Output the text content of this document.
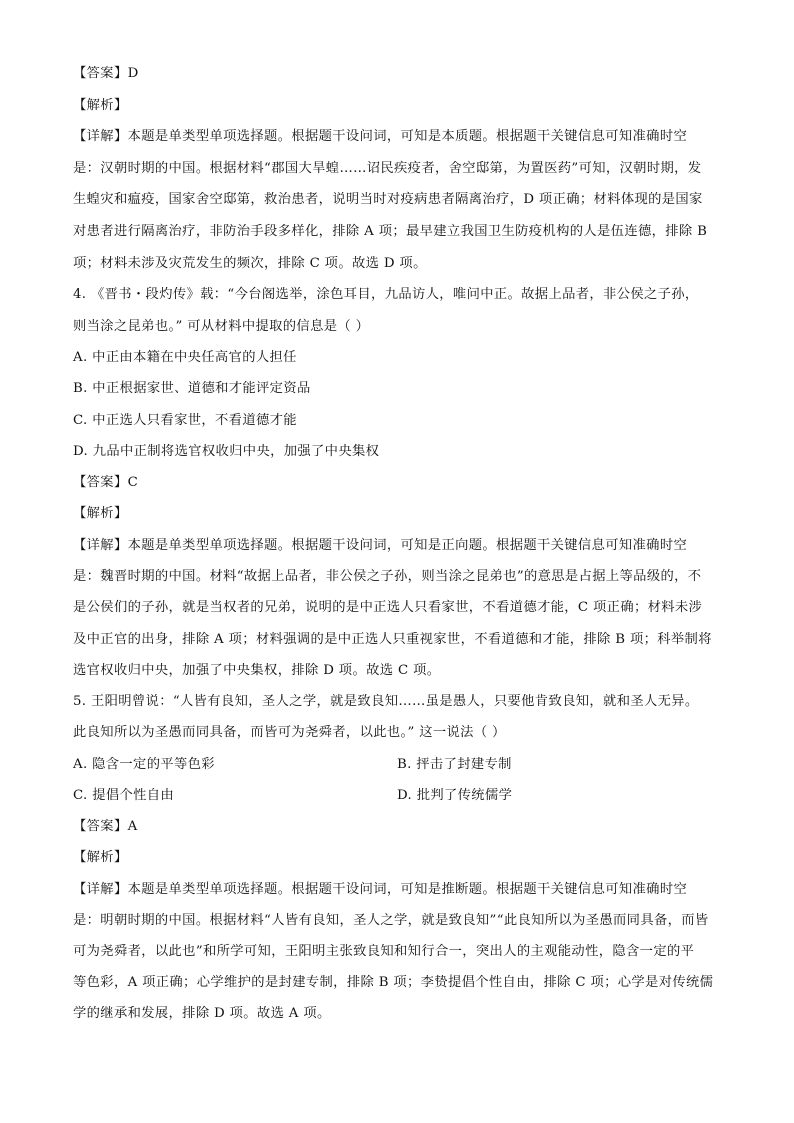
【答案】D
【解析】
【详解】本题是单类型单项选择题。根据题干设问词，可知是本质题。根据题干关键信息可知准确时空
是：汉朝时期的中国。根据材料“郡国大旱蝗……诏民疾疫者，舍空邸第，为置医药”可知，汉朝时期，发
生蝗灾和瘟疫，国家舍空邸第，救治患者，说明当时对疫病患者隔离治疗，D 项正确；材料体现的是国家
对患者进行隔离治疗，非防治手段多样化，排除 A 项；最早建立我国卫生防疫机构的人是伍连德，排除 B
项；材料未涉及灾荒发生的频次，排除 C 项。故选 D 项。
4. 《晋书・段灼传》载：“今台阁选举，涂色耳目，九品访人，唯问中正。故据上品者，非公侯之子孙，
则当涂之昆弟也。” 可从材料中提取的信息是（ ）
A. 中正由本籍在中央任高官的人担任
B. 中正根据家世、道德和才能评定资品
C. 中正选人只看家世，不看道德才能
D. 九品中正制将选官权收归中央，加强了中央集权
【答案】C
【解析】
【详解】本题是单类型单项选择题。根据题干设问词，可知是正向题。根据题干关键信息可知准确时空
是：魏晋时期的中国。材料“故据上品者，非公侯之子孙，则当涂之昆弟也”的意思是占据上等品级的，不
是公侯们的子孙，就是当权者的兄弟，说明的是中正选人只看家世，不看道德才能，C 项正确；材料未涉
及中正官的出身，排除 A 项；材料强调的是中正选人只重视家世，不看道德和才能，排除 B 项；科举制将
选官权收归中央，加强了中央集权，排除 D 项。故选 C 项。
5. 王阳明曾说：“人皆有良知，圣人之学，就是致良知……虽是愚人，只要他肯致良知，就和圣人无异。
此良知所以为圣愚而同具备，而皆可为尧舜者，以此也。” 这一说法（ ）
A. 隐含一定的平等色彩	B. 抨击了封建专制
C. 提倡个性自由	D. 批判了传统儒学
【答案】A
【解析】
【详解】本题是单类型单项选择题。根据题干设问词，可知是推断题。根据题干关键信息可知准确时空
是：明朝时期的中国。根据材料“人皆有良知，圣人之学，就是致良知”“此良知所以为圣愚而同具备，而皆
可为尧舜者，以此也”和所学可知，王阳明主张致良知和知行合一，突出人的主观能动性，隐含一定的平
等色彩，A 项正确；心学维护的是封建专制，排除 B 项；李贽提倡个性自由，排除 C 项；心学是对传统儒
学的继承和发展，排除 D 项。故选 A 项。
